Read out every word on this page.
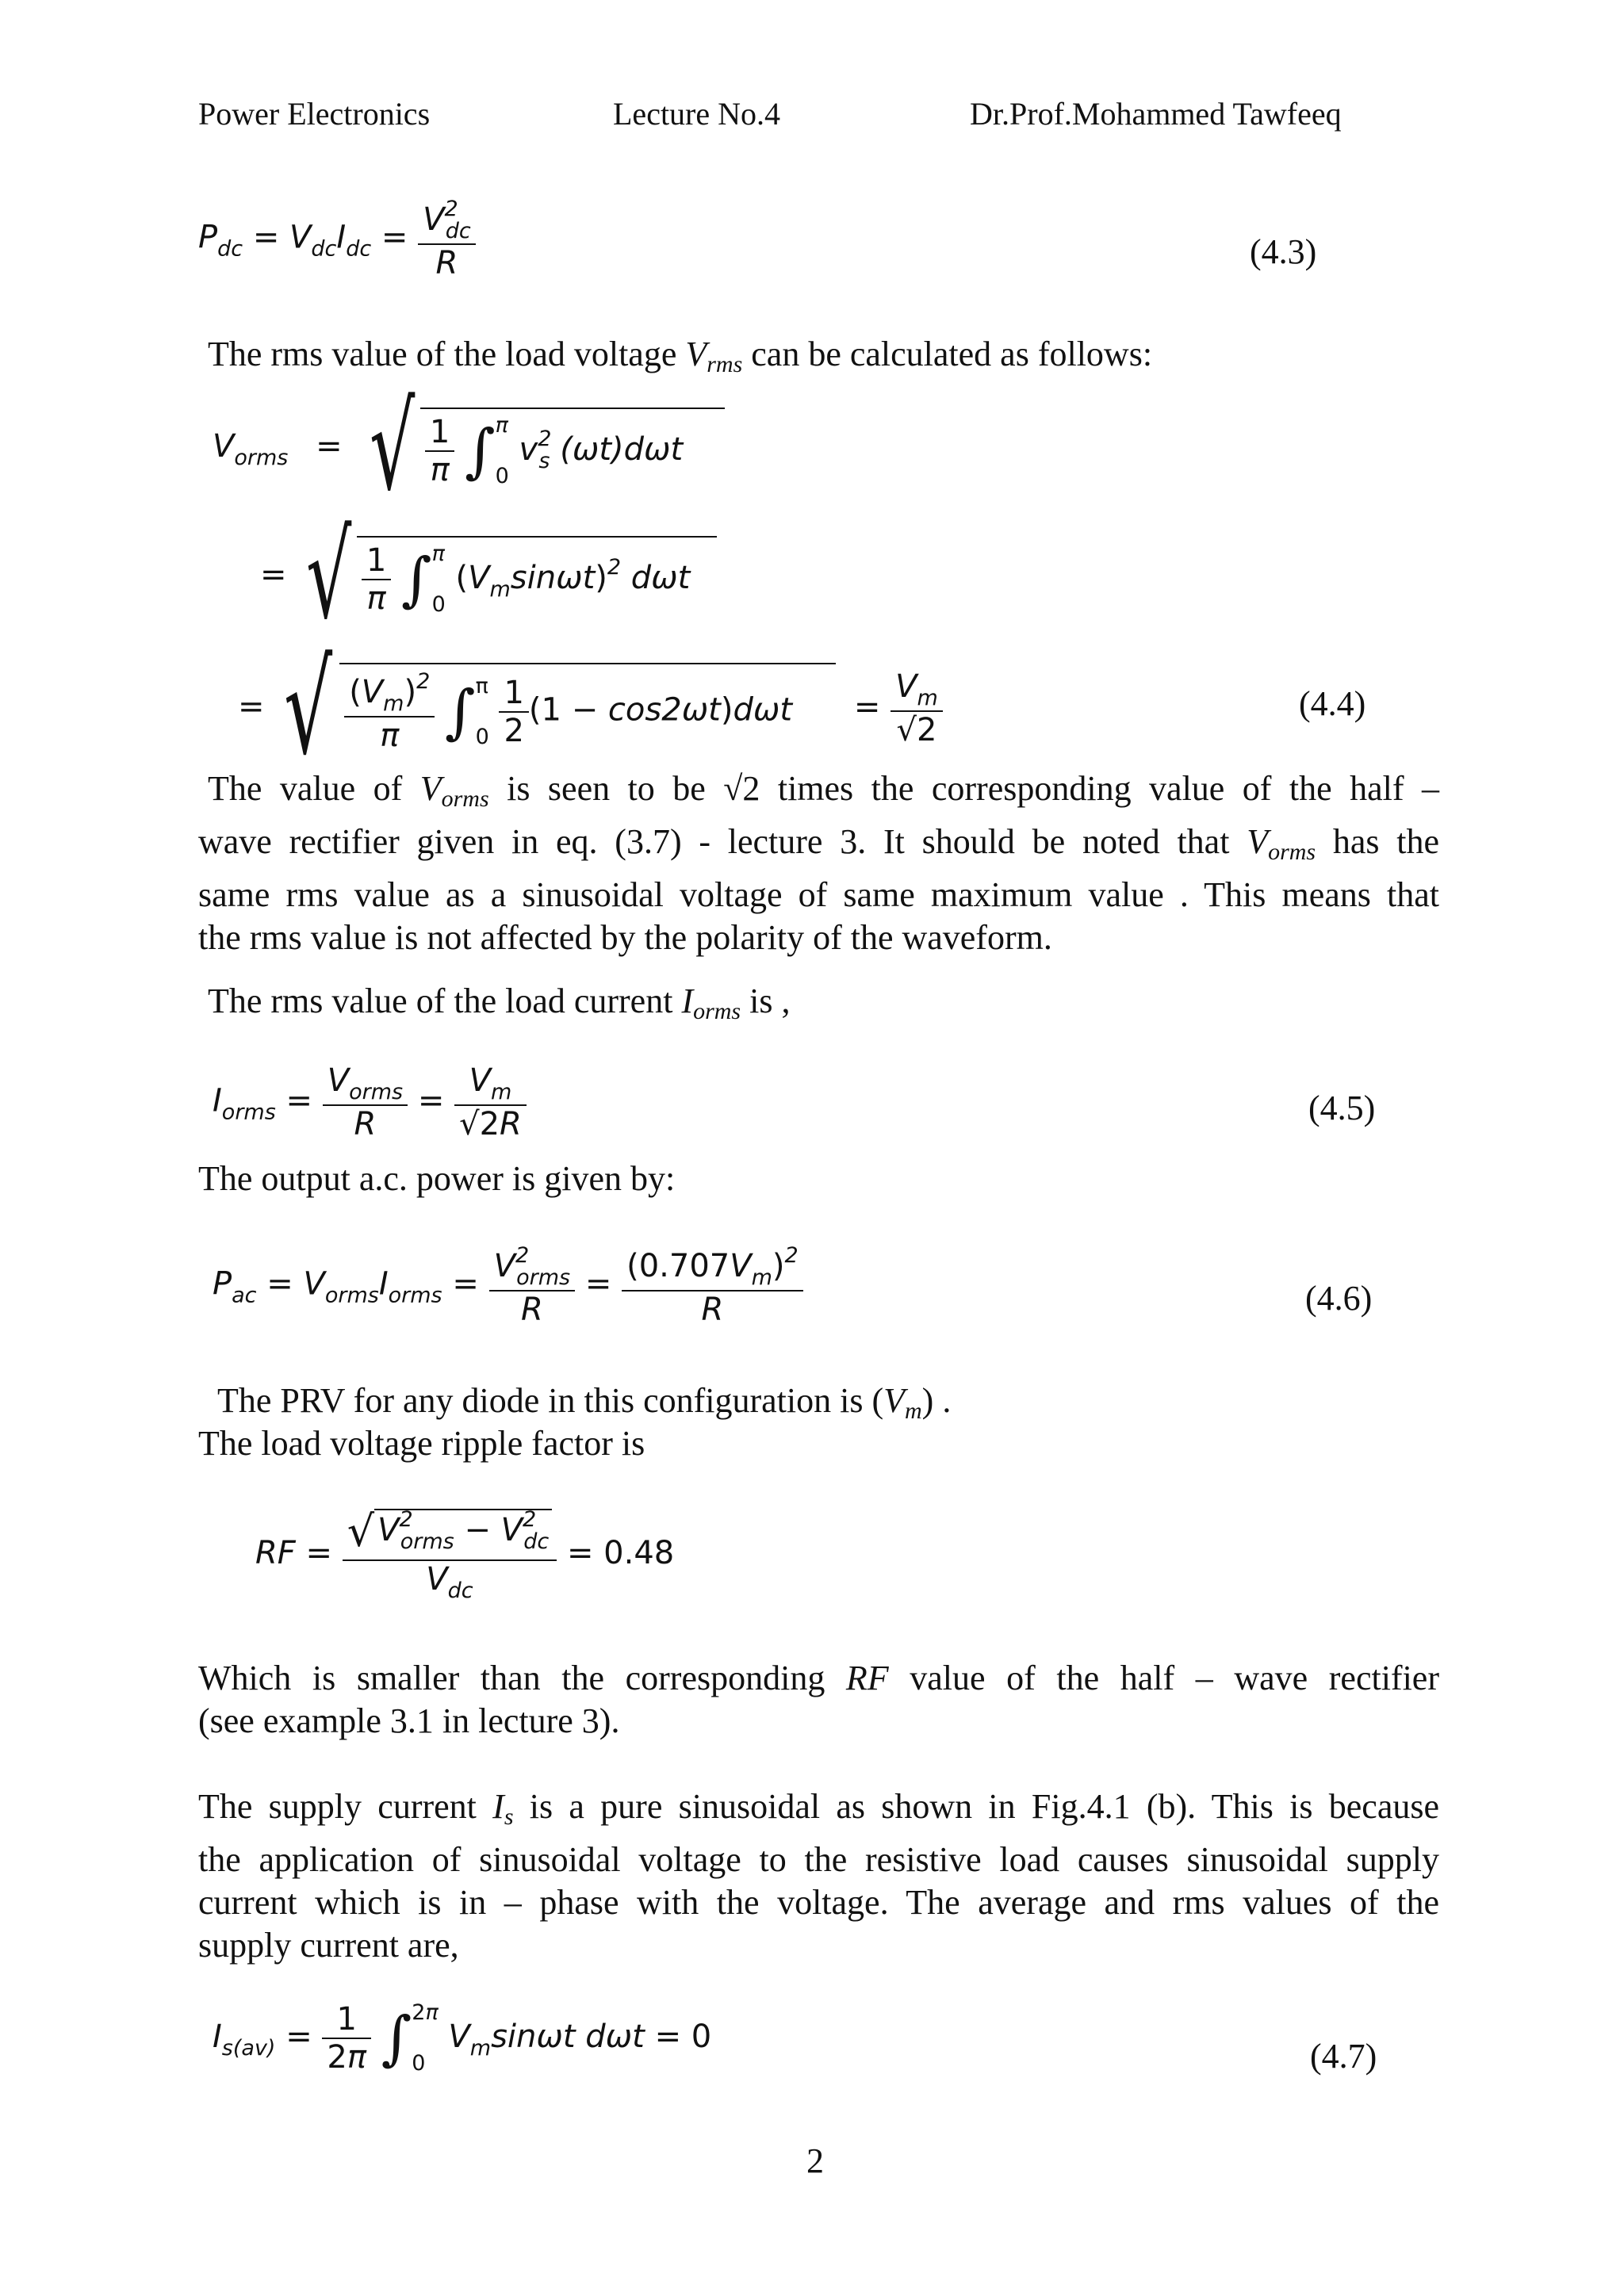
Power Electronics	Lecture No.4	Dr.Prof.Mohammed Tawfeeq
$P_{dc} = V_{dc}I_{dc} = \frac{V^2_{dc}}{R}$	(4.3)
The rms value of the load voltage $V_{rms}$ can be calculated as follows:
$V_{orms}$ = √ $\frac{1}{\pi}$ ∫ π
0
$v^2_s$ (ωt)dωt
= √ $\frac{1}{\pi}$ ∫ π
0
$(V_m\sin\omega t)^2$ dωt
= √ $\frac{(V_m)^2}{\pi}$ ∫ π
0
$\frac{1}{2} (1 - \cos 2\omega t)d\omega t = \frac{V_m}{√2}$	(4.4)
The value of $V_{orms}$ is seen to be √2 times the corresponding value of the half –
wave rectifier given in eq. (3.7) - lecture 3. It should be noted that $V_{orms}$ has the
same rms value as a sinusoidal voltage of same maximum value . This means that
the rms value is not affected by the polarity of the waveform.
The rms value of the load current $I_{orms}$ is ,
$I_{orms} = \frac{V_{orms}}{R} = \frac{V_m}{√2R}$	(4.5)
The output a.c. power is given by:
$P_{ac} = V_{orms}I_{orms} = \frac{V^2_{orms}}{R} = \frac{(0.707V_m)^2}{R}$	(4.6)
The PRV for any diode in this configuration is $(V_m)$ .
The load voltage ripple factor is
RF = $\frac{√ V^2_{orms} - V^2_{dc}}{V_{dc}} = 0.48$
Which is smaller than the corresponding RF value of the half – wave rectifier
(see example 3.1 in lecture 3).
The supply current $I_s$ is a pure sinusoidal as shown in Fig.4.1 (b). This is because
the application of sinusoidal voltage to the resistive load causes sinusoidal supply
current which is in – phase with the voltage. The average and rms values of the
supply current are,
$I_{s(av)} = \frac{1}{2\pi}$ ∫ 2π
0
$V_m\sin\omega t$ dωt = 0	(4.7)
2
